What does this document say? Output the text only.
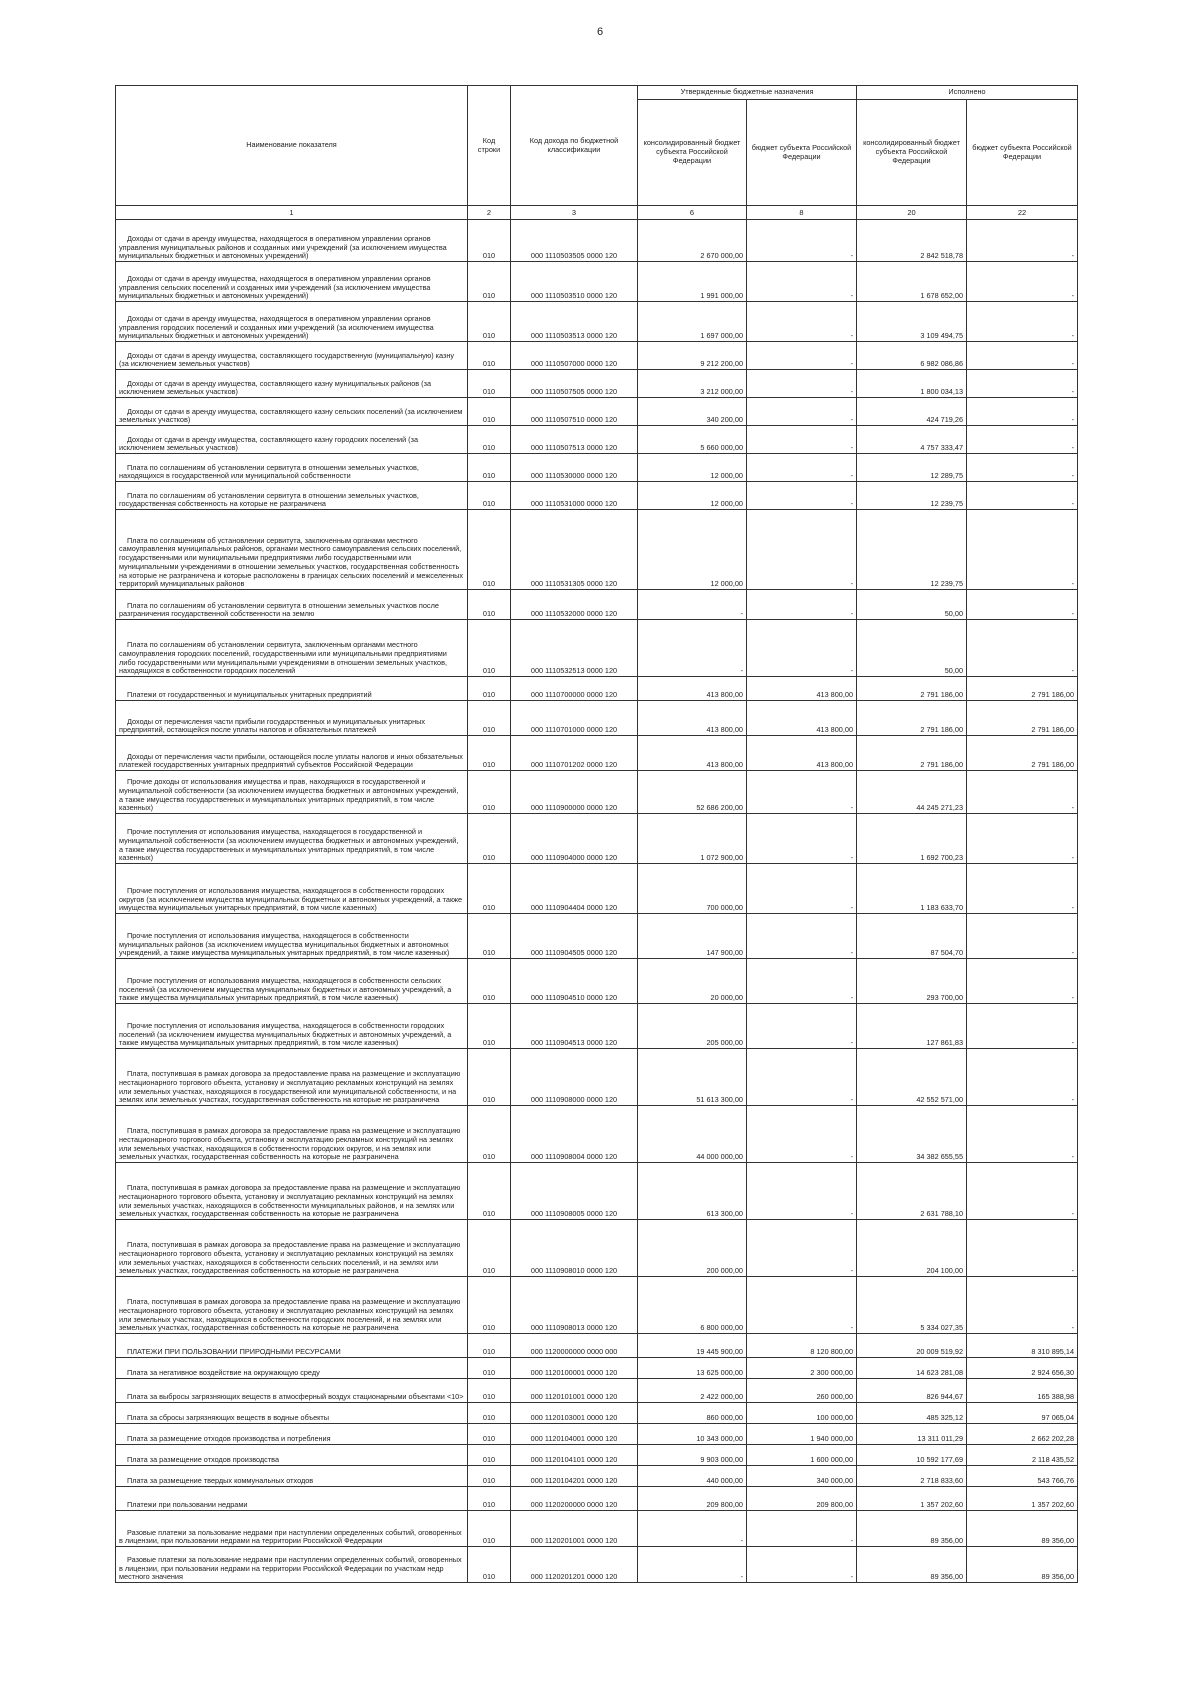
6
Наименование показателя	Код строки	Код дохода по бюджетной классификации	Утвержденные бюджетные назначения		Исполнено	
			консолидированный бюджет субъекта Российской Федерации	бюджет субъекта Российской Федерации	консолидированный бюджет субъекта Российской Федерации	бюджет субъекта Российской Федерации
1	2	3	6	8	20	22
Доходы от сдачи в аренду имущества, находящегося в оперативном управлении органов управления муниципальных районов и созданных ими учреждений (за исключением имущества муниципальных бюджетных и автономных учреждений)	010	000 1110503505 0000 120	2 670 000,00	-	2 842 518,78	-
Доходы от сдачи в аренду имущества, находящегося в оперативном управлении органов управления сельских поселений и созданных ими учреждений (за исключением имущества муниципальных бюджетных и автономных учреждений)	010	000 1110503510 0000 120	1 991 000,00	-	1 678 652,00	-
Доходы от сдачи в аренду имущества, находящегося в оперативном управлении органов управления городских поселений и созданных ими учреждений (за исключением имущества муниципальных бюджетных и автономных учреждений)	010	000 1110503513 0000 120	1 697 000,00	-	3 109 494,75	-
Доходы от сдачи в аренду имущества, составляющего государственную (муниципальную) казну (за исключением земельных участков)	010	000 1110507000 0000 120	9 212 200,00	-	6 982 086,86	-
Доходы от сдачи в аренду имущества, составляющего казну муниципальных районов (за исключением земельных участков)	010	000 1110507505 0000 120	3 212 000,00	-	1 800 034,13	-
Доходы от сдачи в аренду имущества, составляющего казну сельских поселений (за исключением земельных участков)	010	000 1110507510 0000 120	340 200,00	-	424 719,26	-
Доходы от сдачи в аренду имущества, составляющего казну городских поселений (за исключением земельных участков)	010	000 1110507513 0000 120	5 660 000,00	-	4 757 333,47	-
Плата по соглашениям об установлении сервитута в отношении земельных участков, находящихся в государственной или муниципальной собственности	010	000 1110530000 0000 120	12 000,00	-	12 289,75	-
Плата по соглашениям об установлении сервитута в отношении земельных участков, государственная собственность на которые не разграничена	010	000 1110531000 0000 120	12 000,00	-	12 239,75	-
Плата по соглашениям об установлении сервитута, заключенным органами местного самоуправления муниципальных районов, органами местного самоуправления сельских поселений, государственными или муниципальными предприятиями либо государственными или муниципальными учреждениями в отношении земельных участков, государственная собственность на которые не разграничена и которые расположены в границах сельских поселений и межселенных территорий муниципальных районов	010	000 1110531305 0000 120	12 000,00	-	12 239,75	-
Плата по соглашениям об установлении сервитута в отношении земельных участков после разграничения государственной собственности на землю	010	000 1110532000 0000 120	-	-	50,00	-
Плата по соглашениям об установлении сервитута, заключенным органами местного самоуправления городских поселений, государственными или муниципальными предприятиями либо государственными или муниципальными учреждениями в отношении земельных участков, находящихся в собственности городских поселений	010	000 1110532513 0000 120	-	-	50,00	-
Платежи от государственных и муниципальных унитарных предприятий	010	000 1110700000 0000 120	413 800,00	413 800,00	2 791 186,00	2 791 186,00
Доходы от перечисления части прибыли государственных и муниципальных унитарных предприятий, остающейся после уплаты налогов и обязательных платежей	010	000 1110701000 0000 120	413 800,00	413 800,00	2 791 186,00	2 791 186,00
Доходы от перечисления части прибыли, остающейся после уплаты налогов и иных обязательных платежей государственных унитарных предприятий субъектов Российской Федерации	010	000 1110701202 0000 120	413 800,00	413 800,00	2 791 186,00	2 791 186,00
Прочие доходы от использования имущества и прав, находящихся в государственной и муниципальной собственности (за исключением имущества бюджетных и автономных учреждений, а также имущества государственных и муниципальных унитарных предприятий, в том числе казенных)	010	000 1110900000 0000 120	52 686 200,00	-	44 245 271,23	-
Прочие поступления от использования имущества, находящегося в государственной и муниципальной собственности (за исключением имущества бюджетных и автономных учреждений, а также имущества государственных и муниципальных унитарных предприятий, в том числе казенных)	010	000 1110904000 0000 120	1 072 900,00	-	1 692 700,23	-
Прочие поступления от использования имущества, находящегося в собственности городских округов (за исключением имущества муниципальных бюджетных и автономных учреждений, а также имущества муниципальных унитарных предприятий, в том числе казенных)	010	000 1110904404 0000 120	700 000,00	-	1 183 633,70	-
Прочие поступления от использования имущества, находящегося в собственности муниципальных районов (за исключением имущества муниципальных бюджетных и автономных учреждений, а также имущества муниципальных унитарных предприятий, в том числе казенных)	010	000 1110904505 0000 120	147 900,00	-	87 504,70	-
Прочие поступления от использования имущества, находящегося в собственности сельских поселений (за исключением имущества муниципальных бюджетных и автономных учреждений, а также имущества муниципальных унитарных предприятий, в том числе казенных)	010	000 1110904510 0000 120	20 000,00	-	293 700,00	-
Прочие поступления от использования имущества, находящегося в собственности городских поселений (за исключением имущества муниципальных бюджетных и автономных учреждений, а также имущества муниципальных унитарных предприятий, в том числе казенных)	010	000 1110904513 0000 120	205 000,00	-	127 861,83	-
Плата, поступившая в рамках договора за предоставление права на размещение и эксплуатацию нестационарного торгового объекта, установку и эксплуатацию рекламных конструкций на землях или земельных участках, находящихся в государственной или муниципальной собственности, и на землях или земельных участках, государственная собственность на которые не разграничена	010	000 1110908000 0000 120	51 613 300,00	-	42 552 571,00	-
Плата, поступившая в рамках договора за предоставление права на размещение и эксплуатацию нестационарного торгового объекта, установку и эксплуатацию рекламных конструкций на землях или земельных участках, находящихся в собственности городских округов, и на землях или земельных участках, государственная собственность на которые не разграничена	010	000 1110908004 0000 120	44 000 000,00	-	34 382 655,55	-
Плата, поступившая в рамках договора за предоставление права на размещение и эксплуатацию нестационарного торгового объекта, установку и эксплуатацию рекламных конструкций на землях или земельных участках, находящихся в собственности муниципальных районов, и на землях или земельных участках, государственная собственность на которые не разграничена	010	000 1110908005 0000 120	613 300,00	-	2 631 788,10	-
Плата, поступившая в рамках договора за предоставление права на размещение и эксплуатацию нестационарного торгового объекта, установку и эксплуатацию рекламных конструкций на землях или земельных участках, находящихся в собственности сельских поселений, и на землях или земельных участках, государственная собственность на которые не разграничена	010	000 1110908010 0000 120	200 000,00	-	204 100,00	-
Плата, поступившая в рамках договора за предоставление права на размещение и эксплуатацию нестационарного торгового объекта, установку и эксплуатацию рекламных конструкций на землях или земельных участках, находящихся в собственности городских поселений, и на землях или земельных участках, государственная собственность на которые не разграничена	010	000 1110908013 0000 120	6 800 000,00	-	5 334 027,35	-
ПЛАТЕЖИ ПРИ ПОЛЬЗОВАНИИ ПРИРОДНЫМИ РЕСУРСАМИ	010	000 1120000000 0000 000	19 445 900,00	8 120 800,00	20 009 519,92	8 310 895,14
Плата за негативное воздействие на окружающую среду	010	000 1120100001 0000 120	13 625 000,00	2 300 000,00	14 623 281,08	2 924 656,30
Плата за выбросы загрязняющих веществ в атмосферный воздух стационарными объектами <10>	010	000 1120101001 0000 120	2 422 000,00	260 000,00	826 944,67	165 388,98
Плата за сбросы загрязняющих веществ в водные объекты	010	000 1120103001 0000 120	860 000,00	100 000,00	485 325,12	97 065,04
Плата за размещение отходов производства и потребления	010	000 1120104001 0000 120	10 343 000,00	1 940 000,00	13 311 011,29	2 662 202,28
Плата за размещение отходов производства	010	000 1120104101 0000 120	9 903 000,00	1 600 000,00	10 592 177,69	2 118 435,52
Плата за размещение твердых коммунальных отходов	010	000 1120104201 0000 120	440 000,00	340 000,00	2 718 833,60	543 766,76
Платежи при пользовании недрами	010	000 1120200000 0000 120	209 800,00	209 800,00	1 357 202,60	1 357 202,60
Разовые платежи за пользование недрами при наступлении определенных событий, оговоренных в лицензии, при пользовании недрами на территории Российской Федерации	010	000 1120201001 0000 120	-	-	89 356,00	89 356,00
Разовые платежи за пользование недрами при наступлении определенных событий, оговоренных в лицензии, при пользовании недрами на территории Российской Федерации по участкам недр местного значения	010	000 1120201201 0000 120	-	-	89 356,00	89 356,00
